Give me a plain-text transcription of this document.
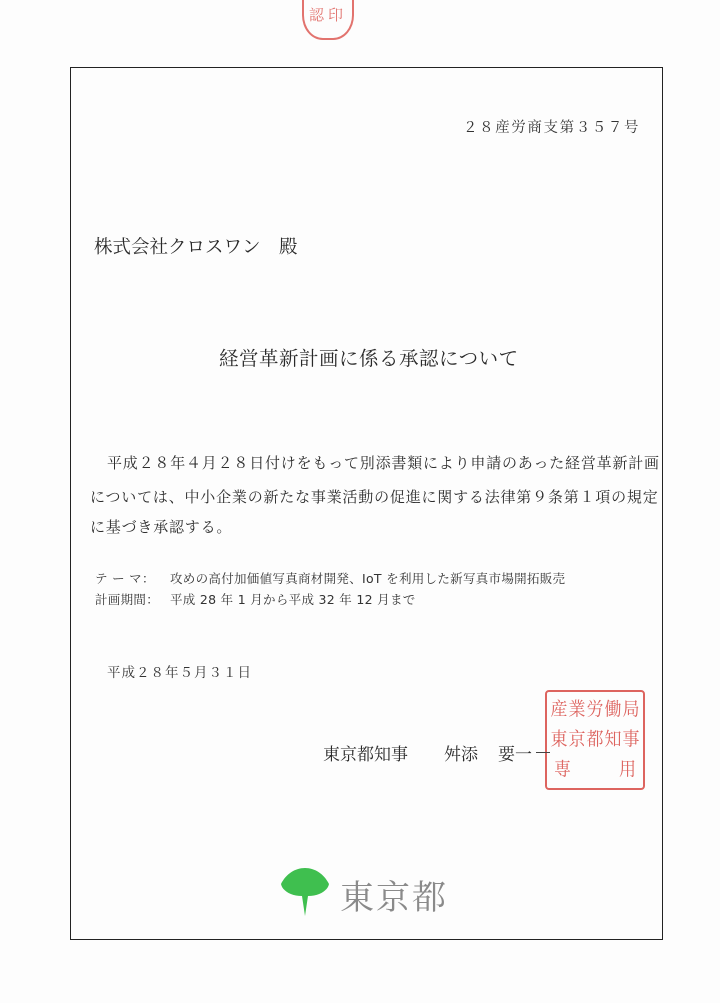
認 印
２８産労商支第３５７号
株式会社クロスワン　殿
経営革新計画に係る承認について
平成２８年４月２８日付けをもって別添書類により申請のあった経営革新計画
については、中小企業の新たな事業活動の促進に関する法律第９条第１項の規定
に基づき承認する。
テ ー マ： 攻めの高付加価値写真商材開発、IoT を利用した新写真市場開拓販売
計画期間： 平成 28 年 1 月から平成 32 年 12 月まで
平成２８年５月３１日
東京都知事 舛添 要一
産 業 労 働 局
東 京 都 知 事
専	用
東京都
